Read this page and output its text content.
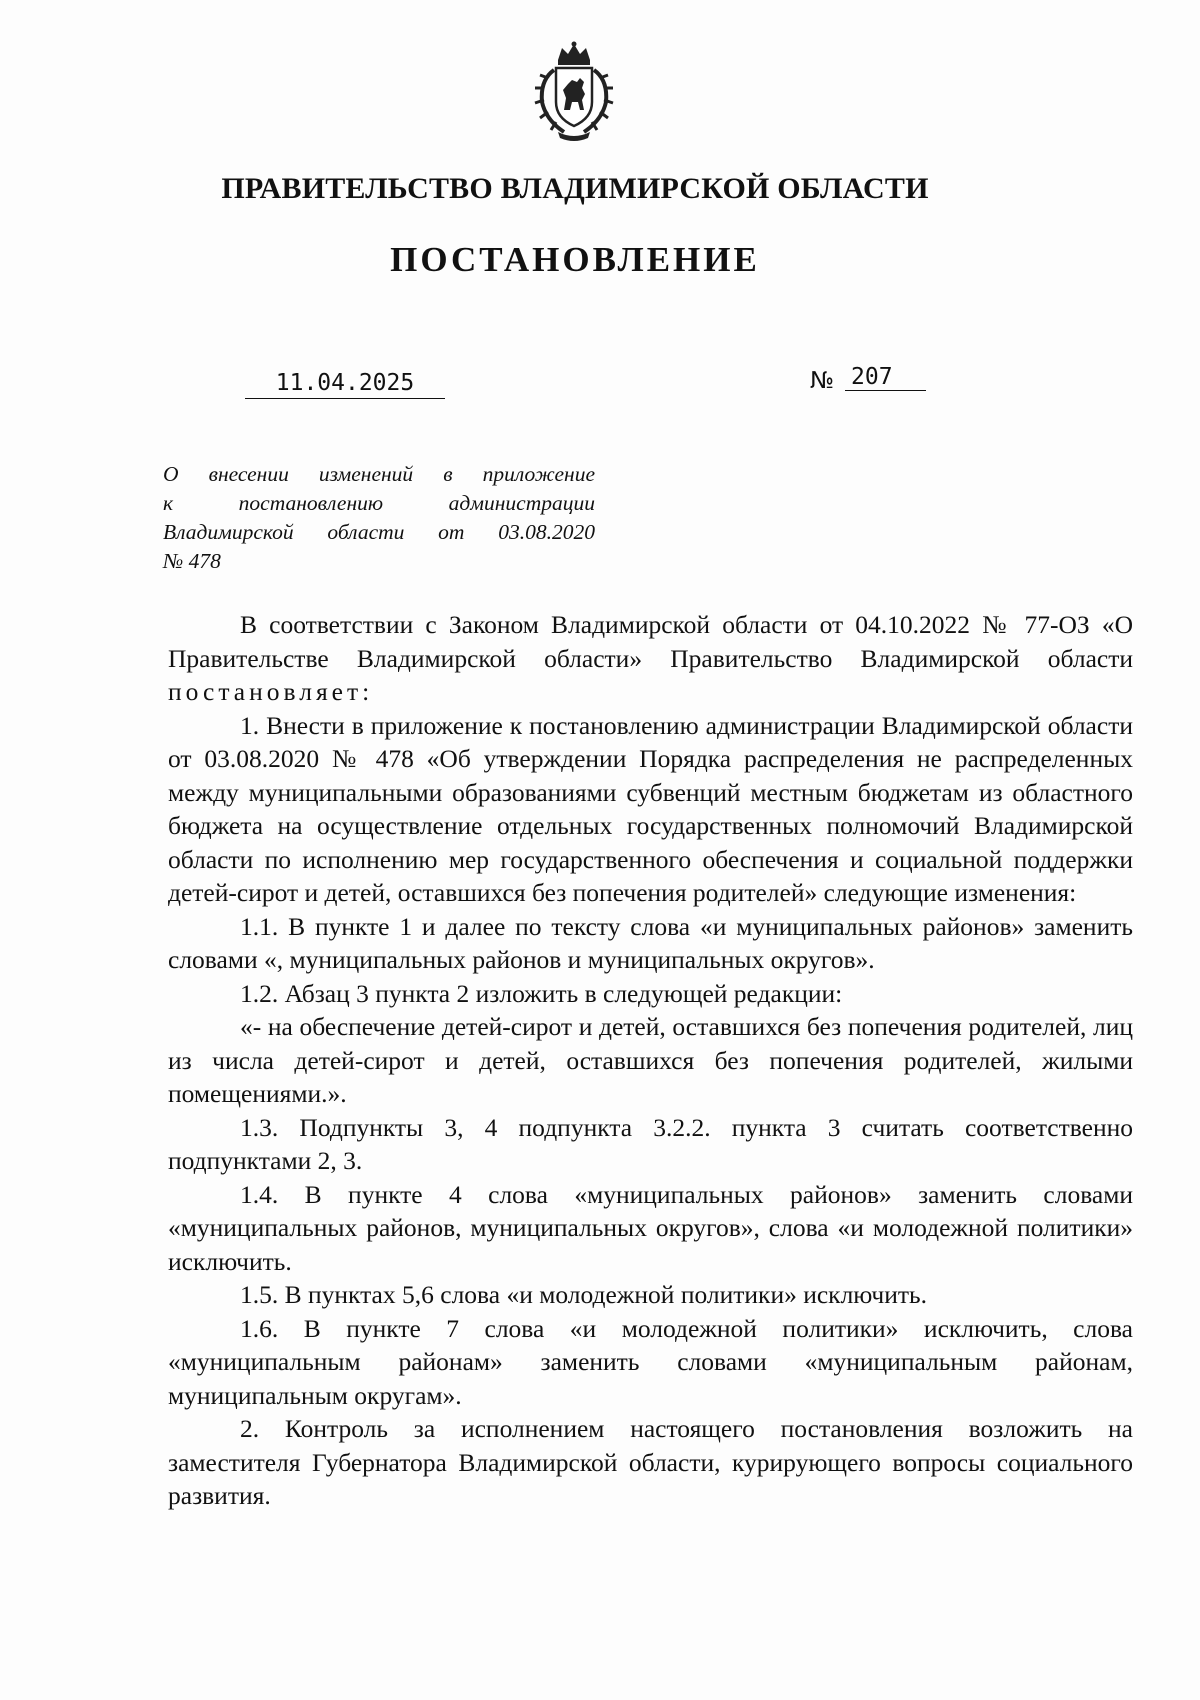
ПРАВИТЕЛЬСТВО ВЛАДИМИРСКОЙ ОБЛАСТИ
ПОСТАНОВЛЕНИЕ
11.04.2025	№ 207
О внесении изменений в приложение
к постановлению администрации
Владимирской области от 03.08.2020
№ 478

В соответствии с Законом Владимирской области от 04.10.2022 № 77-ОЗ «О Правительстве Владимирской области» Правительство Владимирской области постановляет:

1. Внести в приложение к постановлению администрации Владимирской области от 03.08.2020 № 478 «Об утверждении Порядка распределения не распределенных между муниципальными образованиями субвенций местным бюджетам из областного бюджета на осуществление отдельных государственных полномочий Владимирской области по исполнению мер государственного обеспечения и социальной поддержки детей-сирот и детей, оставшихся без попечения родителей» следующие изменения:

1.1. В пункте 1 и далее по тексту слова «и муниципальных районов» заменить словами «, муниципальных районов и муниципальных округов».

1.2. Абзац 3 пункта 2 изложить в следующей редакции:

«- на обеспечение детей-сирот и детей, оставшихся без попечения родителей, лиц из числа детей-сирот и детей, оставшихся без попечения родителей, жилыми помещениями.».

1.3. Подпункты 3, 4 подпункта 3.2.2. пункта 3 считать соответственно подпунктами 2, 3.

1.4. В пункте 4 слова «муниципальных районов» заменить словами «муниципальных районов, муниципальных округов», слова «и молодежной политики» исключить.

1.5. В пунктах 5,6 слова «и молодежной политики» исключить.

1.6. В пункте 7 слова «и молодежной политики» исключить, слова «муниципальным районам» заменить словами «муниципальным районам, муниципальным округам».

2. Контроль за исполнением настоящего постановления возложить на заместителя Губернатора Владимирской области, курирующего вопросы социального развития.
